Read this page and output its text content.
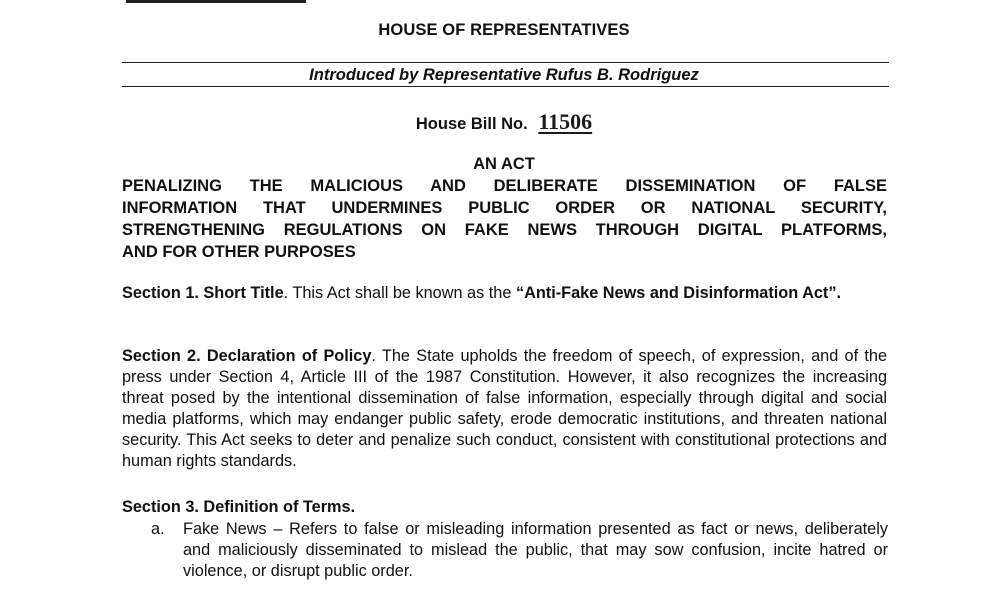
HOUSE OF REPRESENTATIVES
Introduced by Representative Rufus B. Rodriguez
House Bill No. 11506
AN ACT
PENALIZING THE MALICIOUS AND DELIBERATE DISSEMINATION OF FALSE
INFORMATION THAT UNDERMINES PUBLIC ORDER OR NATIONAL SECURITY,
STRENGTHENING REGULATIONS ON FAKE NEWS THROUGH DIGITAL PLATFORMS,
AND FOR OTHER PURPOSES
Section 1. Short Title. This Act shall be known as the “Anti-Fake News and Disinformation Act”.
Section 2. Declaration of Policy. The State upholds the freedom of speech, of expression, and of the press under Section 4, Article III of the 1987 Constitution. However, it also recognizes the increasing threat posed by the intentional dissemination of false information, especially through digital and social media platforms, which may endanger public safety, erode democratic institutions, and threaten national security. This Act seeks to deter and penalize such conduct, consistent with constitutional protections and human rights standards.
Section 3. Definition of Terms.
a. Fake News – Refers to false or misleading information presented as fact or news, deliberately and maliciously disseminated to mislead the public, that may sow confusion, incite hatred or violence, or disrupt public order.
